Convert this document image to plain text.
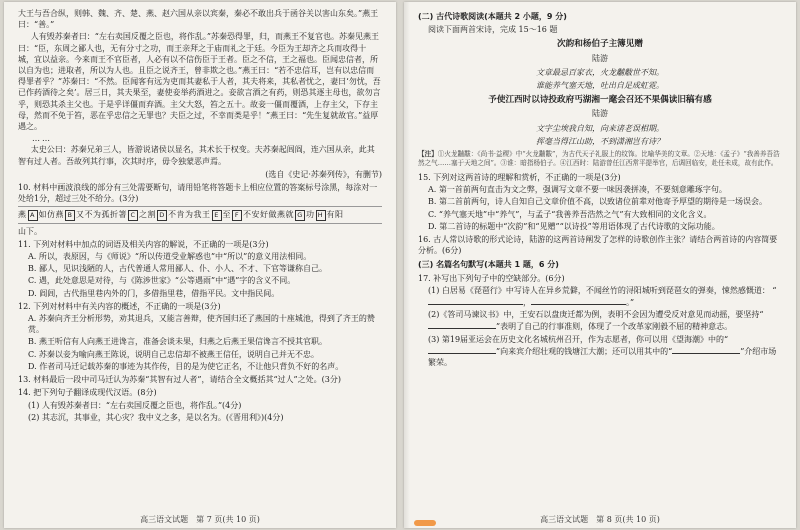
大王与吾合纵，则韩、魏、齐、楚、燕、赵六国从亲以宾秦，秦必不敢出兵于函谷关以害山东矣。”燕王曰：“善。”

人有毁苏秦者曰：“左右卖国反覆之臣也，将作乱。”苏秦恐得罪，归，而燕王不复官也。苏秦见燕王曰：“臣，东周之鄙人也，无有分寸之功，而王亲拜之于庙而礼之于廷。今臣为王却齐之兵而攻得十城，宜以益亲。今来而王不官臣者，人必有以不信伤臣于王者。臣之不信，王之福也。臣闻忠信者，所以自为也；进取者，所以为人也。且臣之说齐王，曾非欺之也。”燕王曰：“若不忠信耳，岂有以忠信而得罪者乎？”苏秦曰：“不然。臣闻客有远为吏而其妻私于人者，其夫将来，其私者忧之，妻曰‘勿忧，吾已作药酒待之矣’。居三日，其夫果至，妻使妾举药酒进之。妾欲言酒之有药，则恐其逐主母也，欲勿言乎，则恐其杀主父也。于是乎详僵而弃酒。主父大怒，笞之五十。故妾一僵而覆酒，上存主父，下存主母，然而不免于笞，恶在乎忠信之无罪也？夫臣之过，不幸而类是乎！”燕王曰：“先生复就故官。”益厚遇之。

……

太史公曰：苏秦兄弟三人，皆游说诸侯以显名，其术长于权变。夫苏秦起闾阎，连六国从亲，此其智有过人者。吾故列其行事，次其时序，毋令独蒙恶声焉。

(选自《史记·苏秦列传》，有删节)
10. 材料中画波浪线的部分有三处需要断句，请用铅笔将答题卡上相应位置的答案标号涂黑，每涂对一处给1分，超过三处不给分。(3分)
燕 A 如仿燕 B 又不为孤折箸 C 之割 D 不肯为我王 E 至 F 不安好做燕就 G 功 H 有阳
山下。
11. 下列对材料中加点的词语及相关内容的解说，不正确的一项是(3分)
A. 所以，表原因，与《师说》“所以传道受业解惑也”中“所以”的意义用法相同。
B. 鄙人，见识浅陋的人，古代普通人常用鄙人、仆、小人、不才、下官等谦称自己。
C. 遇，此处意思是对待，与《陈涉世家》“公等遇雨”中“遇”字的含义不同。
D. 阎闾，古代指里巷内外的门，多借指里巷，借指平民。文中指民间。
12. 下列对材料中有关内容的概述，不正确的一项是(3分)
A. 苏秦向齐王分析形势，劝其退兵，又能言善辩，使齐国归还了燕国的十座城池，得到了齐王的赞赏。
B. 燕王听信有人向燕王进谗言，准备会谈未果，归燕之后燕王果信谗言不授其官职。
C. 苏秦以妾为喻向燕王陈说，说明自己忠信却不被燕王信任，说明自己并无不忠。
D. 作者司马迁记载苏秦的事迹为其作传，目的是为使它正名，不让他只背负不好的名声。
13. 材料最后一段中司马迁认为苏秦“其智有过人者”，请结合全文概括其“过人”之处。(3分)
14. 把下列句子翻译成现代汉语。(8分)
(1) 人有毁苏秦者曰：“左右卖国反覆之臣也，将作乱。”(4分)
(2) 其志沉，其事业，其心灾？我中义之多，是以名为。(《晋用利》)(4分)
高三语文试题　第 7 页(共 10 页)
(二) 古代诗歌阅读(本题共 2 小题，9 分)
阅读下面两首宋诗，完成 15～16 题
次韵和杨伯子主簿见赠
陆游
文章最忌百家衣，火龙黼黻世不知。
谁能养气塞天地，吐出自足成虹霓。
予使江西时以诗投政府丐湖湘一麾会召还不果偶读旧稿有感
陆游
文字尘埃我自知，向来诸老误相期。
挥毫当得江山助，不到潇湘岂有诗？
【注】①火龙黼黻：《尚书·益稷》中“火龙黼黻”，为古代天子礼服上的纹饰。比喻华美的文章。②天地：《孟子》“我善养吾浩然之气……塞于天地之间”。③谁：暗指杨伯子。④江西时：陆游曾任江西常平提举官，后调回临安，赴任未成，故有此作。
15. 下列对这两首诗的理解和赏析，不正确的一项是(3分)
A. 第一首前两句直击为文之弊，强调写文章不要一味因袭拼凑，不要刻意雕琢字句。
B. 第二首前两句，诗人自知自己文章价值不高，以致诸位前辈对他寄予厚望的期待是一场误会。
C. “养气塞天地”中“养气”，与孟子“我善养吾浩然之气”有大致相同的文化含义。
D. 第二首诗的标题中“次韵”和“见赠”“以诗投”等用语体现了古代诗歌的文际功能。
16. 古人常以诗歌的形式论诗，陆游的这两首诗阐发了怎样的诗歌创作主张？请结合两首诗的内容简要分析。(6分)
(三) 名篇名句默写(本题共 1 题，6 分)
17. 补写出下列句子中的空缺部分。(6分)
(1) 白居易《琵琶行》中写诗人在异乡荒僻，不闻丝竹的浔阳城听到琵琶女的弹奏，悚然感慨道： “，	。”
(2)《答司马谏议书》中，王安石以盘庚迁都为例，表明不会因为遭受反对意见而动摇，要坚持“”表明了自己的行事准则，体现了一个改革家刚毅不屈的精神意志。
(3) 第19届亚运会在历史文化名城杭州召开，作为志愿者，你可以用《望海潮》中的“”向来宾介绍壮观的钱塘江大潮；还可以用其中的“	”介绍市场繁荣。
高三语文试题　第 8 页(共 10 页)
